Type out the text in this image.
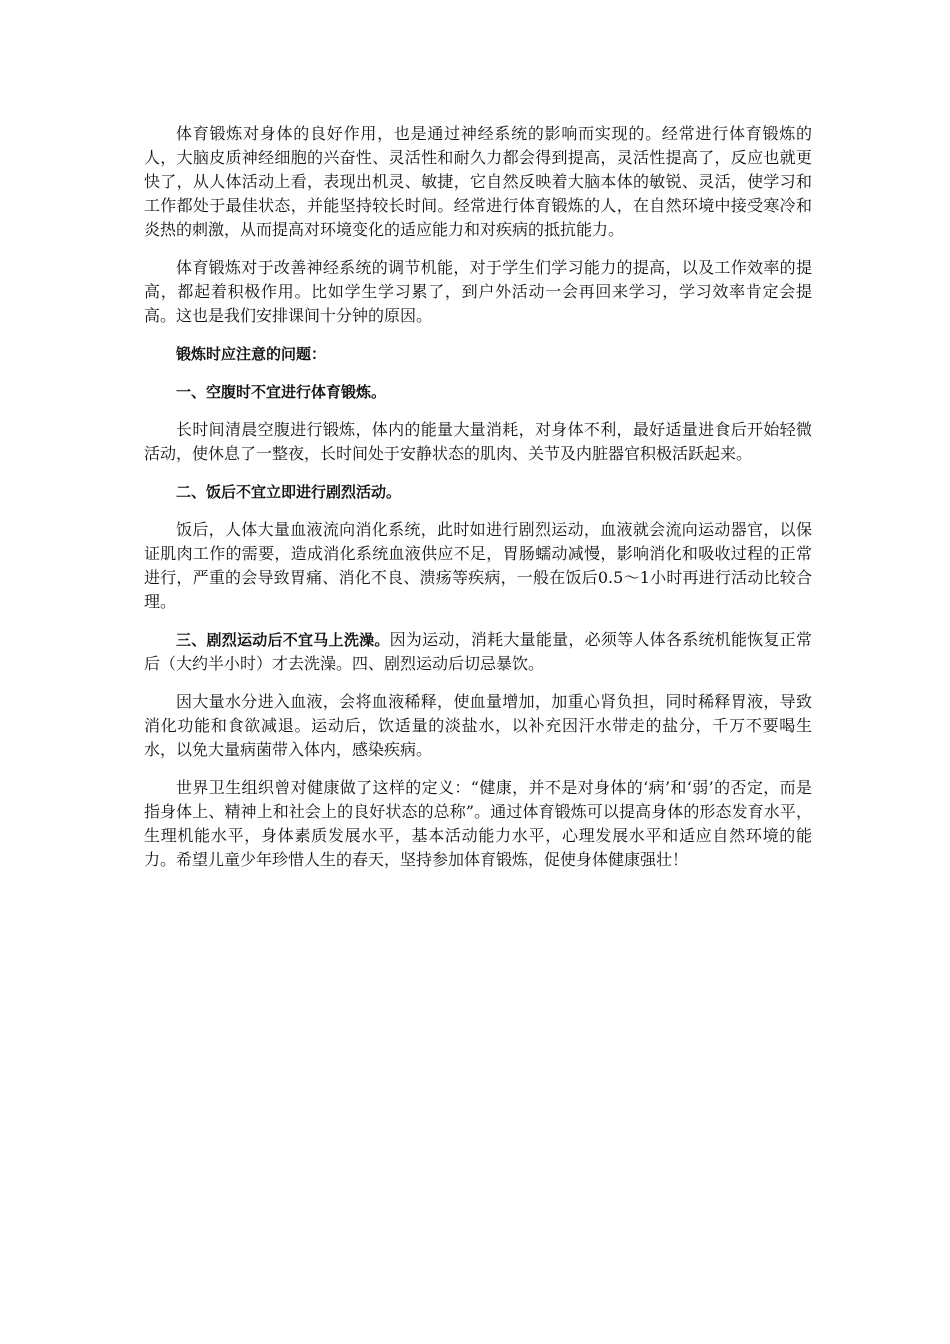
体育锻炼对身体的良好作用，也是通过神经系统的影响而实现的。经常进行体育锻炼的人，大脑皮质神经细胞的兴奋性、灵活性和耐久力都会得到提高，灵活性提高了，反应也就更快了，从人体活动上看，表现出机灵、敏捷，它自然反映着大脑本体的敏锐、灵活，使学习和工作都处于最佳状态，并能坚持较长时间。经常进行体育锻炼的人，在自然环境中接受寒冷和炎热的刺激，从而提高对环境变化的适应能力和对疾病的抵抗能力。

体育锻炼对于改善神经系统的调节机能，对于学生们学习能力的提高，以及工作效率的提高，都起着积极作用。比如学生学习累了，到户外活动一会再回来学习，学习效率肯定会提高。这也是我们安排课间十分钟的原因。

锻炼时应注意的问题：

一、空腹时不宜进行体育锻炼。

长时间清晨空腹进行锻炼，体内的能量大量消耗，对身体不利，最好适量进食后开始轻微活动，使休息了一整夜，长时间处于安静状态的肌肉、关节及内脏器官积极活跃起来。

二、饭后不宜立即进行剧烈活动。

饭后，人体大量血液流向消化系统，此时如进行剧烈运动，血液就会流向运动器官，以保证肌肉工作的需要，造成消化系统血液供应不足，胃肠蠕动减慢，影响消化和吸收过程的正常进行，严重的会导致胃痛、消化不良、溃疡等疾病，一般在饭后0.5～1小时再进行活动比较合理。

三、剧烈运动后不宜马上洗澡。因为运动，消耗大量能量，必须等人体各系统机能恢复正常后（大约半小时）才去洗澡。四、剧烈运动后切忌暴饮。

因大量水分进入血液，会将血液稀释，使血量增加，加重心肾负担，同时稀释胃液，导致消化功能和食欲减退。运动后，饮适量的淡盐水，以补充因汗水带走的盐分，千万不要喝生水，以免大量病菌带入体内，感染疾病。

世界卫生组织曾对健康做了这样的定义：“健康，并不是对身体的‘病’和‘弱’的否定，而是指身体上、精神上和社会上的良好状态的总称”。通过体育锻炼可以提高身体的形态发育水平，生理机能水平，身体素质发展水平，基本活动能力水平，心理发展水平和适应自然环境的能力。希望儿童少年珍惜人生的春天，坚持参加体育锻炼，促使身体健康强壮！
